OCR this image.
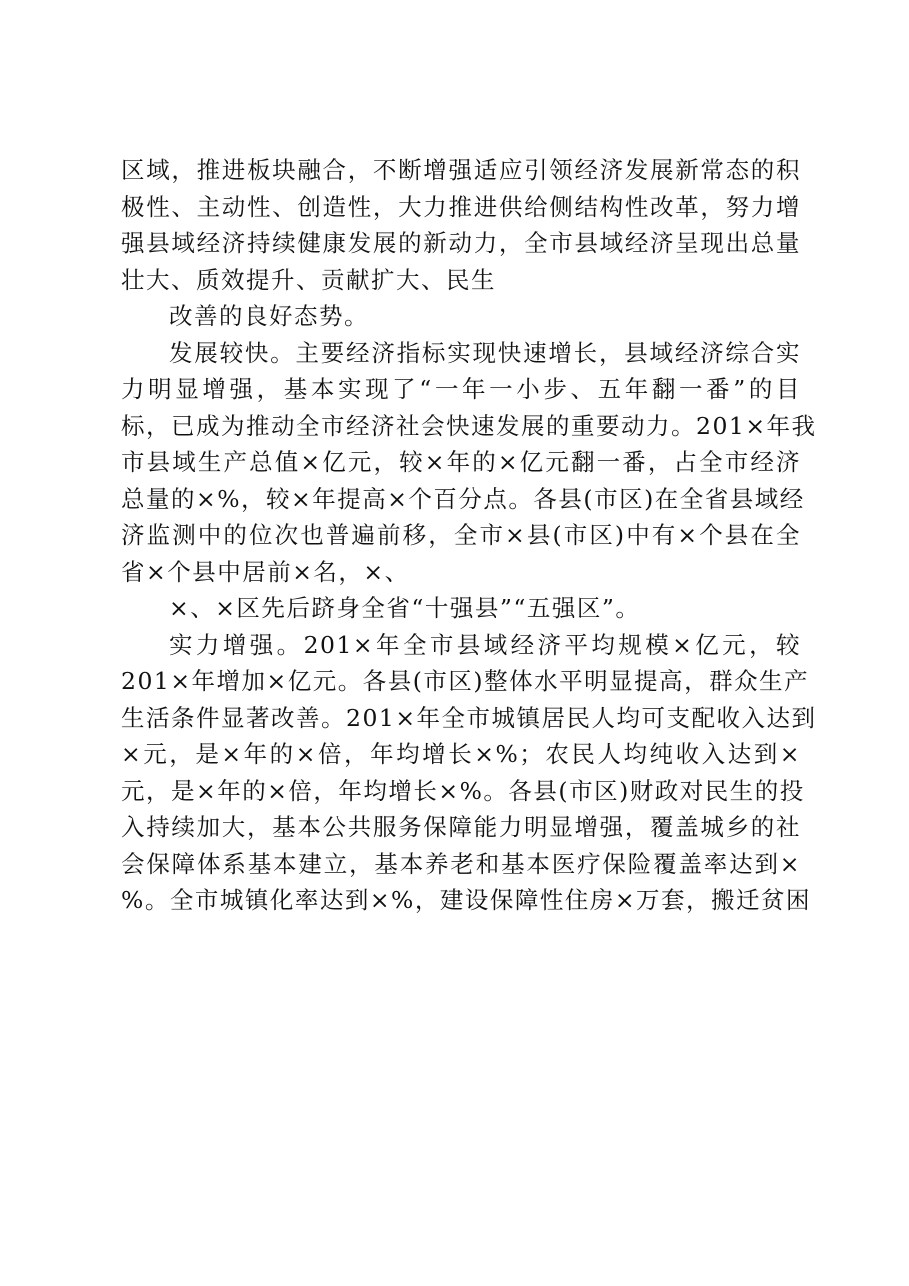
区域，推进板块融合，不断增强适应引领经济发展新常态的积
极性、主动性、创造性，大力推进供给侧结构性改革，努力增
强县域经济持续健康发展的新动力，全市县域经济呈现出总量
壮大、质效提升、贡献扩大、民生
改善的良好态势。
发展较快。主要经济指标实现快速增长，县域经济综合实
力明显增强，基本实现了“一年一小步、五年翻一番”的目
标，已成为推动全市经济社会快速发展的重要动力。201×年我
市县域生产总值×亿元，较×年的×亿元翻一番，占全市经济
总量的×%，较×年提高×个百分点。各县(市区)在全省县域经
济监测中的位次也普遍前移，全市×县(市区)中有×个县在全
省×个县中居前×名，×、
×、×区先后跻身全省“十强县”“五强区”。
实力增强。201×年全市县域经济平均规模×亿元，较
201×年增加×亿元。各县(市区)整体水平明显提高，群众生产
生活条件显著改善。201×年全市城镇居民人均可支配收入达到
×元，是×年的×倍，年均增长×%；农民人均纯收入达到×
元，是×年的×倍，年均增长×%。各县(市区)财政对民生的投
入持续加大，基本公共服务保障能力明显增强，覆盖城乡的社
会保障体系基本建立，基本养老和基本医疗保险覆盖率达到×
%。全市城镇化率达到×%，建设保障性住房×万套，搬迁贫困
